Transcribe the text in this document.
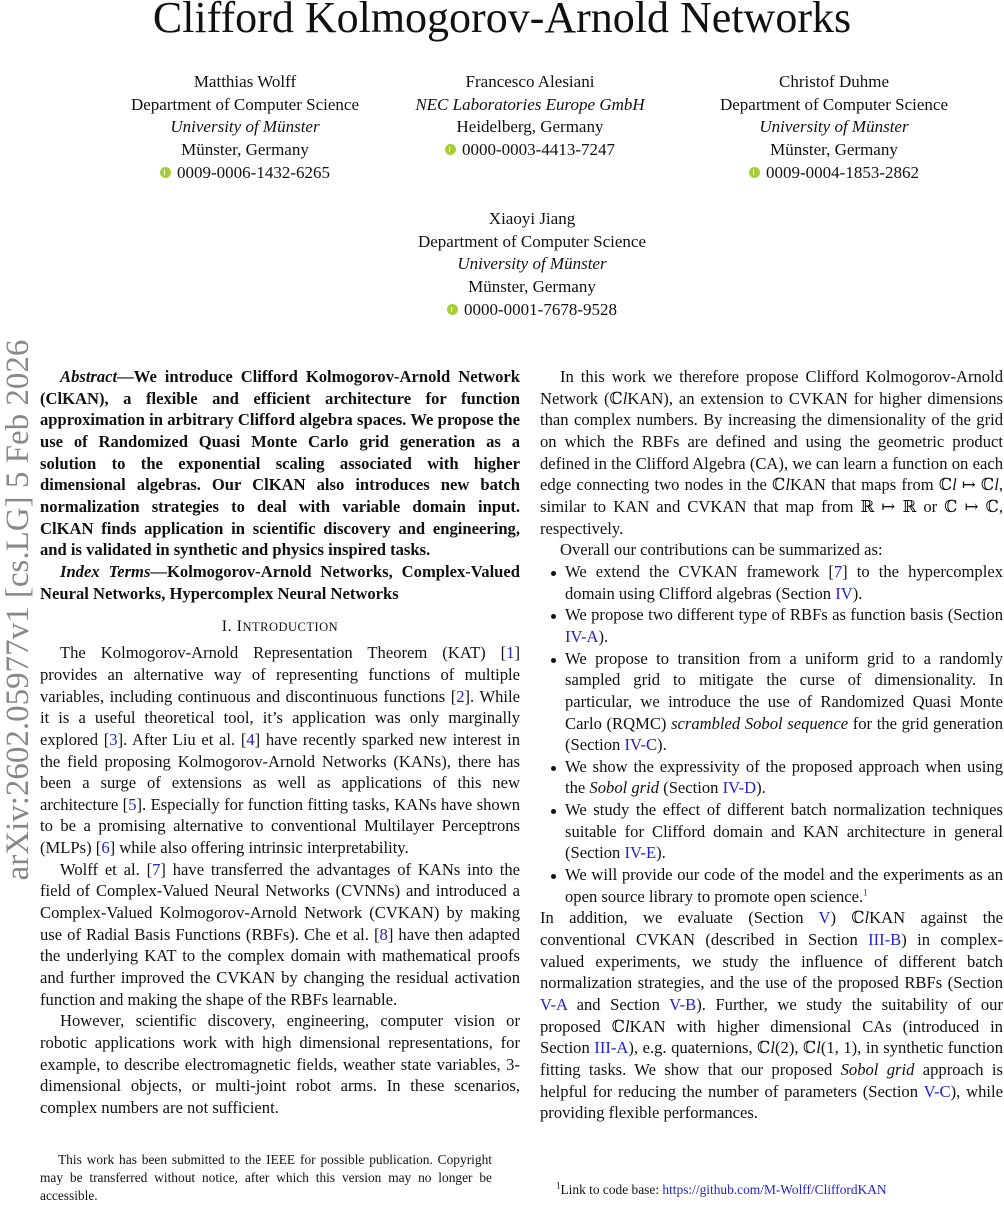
Clifford Kolmogorov-Arnold Networks
arXiv:2602.05977v1 [cs.LG] 5 Feb 2026
Matthias Wolff
Department of Computer Science
University of Münster
Münster, Germany
0009-0006-1432-6265
Francesco Alesiani
NEC Laboratories Europe GmbH
Heidelberg, Germany
0000-0003-4413-7247
Christof Duhme
Department of Computer Science
University of Münster
Münster, Germany
0009-0004-1853-2862
Xiaoyi Jiang
Department of Computer Science
University of Münster
Münster, Germany
0000-0001-7678-9528

Abstract—We introduce Clifford Kolmogorov-Arnold Network (ClKAN), a flexible and efficient architecture for function approximation in arbitrary Clifford algebra spaces. We propose the use of Randomized Quasi Monte Carlo grid generation as a solution to the exponential scaling associated with higher dimensional algebras. Our ClKAN also introduces new batch normalization strategies to deal with variable domain input. ClKAN finds application in scientific discovery and engineering, and is validated in synthetic and physics inspired tasks.

Index Terms—Kolmogorov-Arnold Networks, Complex-Valued Neural Networks, Hypercomplex Neural Networks

I. INTRODUCTION

The Kolmogorov-Arnold Representation Theorem (KAT) [1] provides an alternative way of representing functions of multiple variables, including continuous and discontinuous functions [2]. While it is a useful theoretical tool, it’s application was only marginally explored [3]. After Liu et al. [4] have recently sparked new interest in the field proposing Kolmogorov-Arnold Networks (KANs), there has been a surge of extensions as well as applications of this new architecture [5]. Especially for function fitting tasks, KANs have shown to be a promising alternative to conventional Multilayer Perceptrons (MLPs) [6] while also offering intrinsic interpretability.

Wolff et al. [7] have transferred the advantages of KANs into the field of Complex-Valued Neural Networks (CVNNs) and introduced a Complex-Valued Kolmogorov-Arnold Network (CVKAN) by making use of Radial Basis Functions (RBFs). Che et al. [8] have then adapted the underlying KAT to the complex domain with mathematical proofs and further improved the CVKAN by changing the residual activation function and making the shape of the RBFs learnable.

However, scientific discovery, engineering, computer vision or robotic applications work with high dimensional representations, for example, to describe electromagnetic fields, weather state variables, 3-dimensional objects, or multi-joint robot arms. In these scenarios, complex numbers are not sufficient.

In this work we therefore propose Clifford Kolmogorov-Arnold Network (ℂlKAN), an extension to CVKAN for higher dimensions than complex numbers. By increasing the dimensionality of the grid on which the RBFs are defined and using the geometric product defined in the Clifford Algebra (CA), we can learn a function on each edge connecting two nodes in the ℂlKAN that maps from ℂl ↦ ℂl, similar to KAN and CVKAN that map from ℝ ↦ ℝ or ℂ ↦ ℂ, respectively.

Overall our contributions can be summarized as:

We extend the CVKAN framework [7] to the hypercomplex domain using Clifford algebras (Section IV).
We propose two different type of RBFs as function basis (Section IV-A).
We propose to transition from a uniform grid to a randomly sampled grid to mitigate the curse of dimensionality. In particular, we introduce the use of Randomized Quasi Monte Carlo (RQMC) scrambled Sobol sequence for the grid generation (Section IV-C).
We show the expressivity of the proposed approach when using the Sobol grid (Section IV-D).
We study the effect of different batch normalization techniques suitable for Clifford domain and KAN architecture in general (Section IV-E).
We will provide our code of the model and the experiments as an open source library to promote open science.$^1$

In addition, we evaluate (Section V) ℂlKAN against the conventional CVKAN (described in Section III-B) in complex-valued experiments, we study the influence of different batch normalization strategies, and the use of the proposed RBFs (Section V-A and Section V-B). Further, we study the suitability of our proposed ℂlKAN with higher dimensional CAs (introduced in Section III-A), e.g. quaternions, ℂl(2), ℂl(1, 1), in synthetic function fitting tasks. We show that our proposed Sobol grid approach is helpful for reducing the number of parameters (Section V-C), while providing flexible performances.

This work has been submitted to the IEEE for possible publication. Copyright may be transferred without notice, after which this version may no longer be accessible.
$^1$Link to code base: https://github.com/M-Wolff/CliffordKAN
